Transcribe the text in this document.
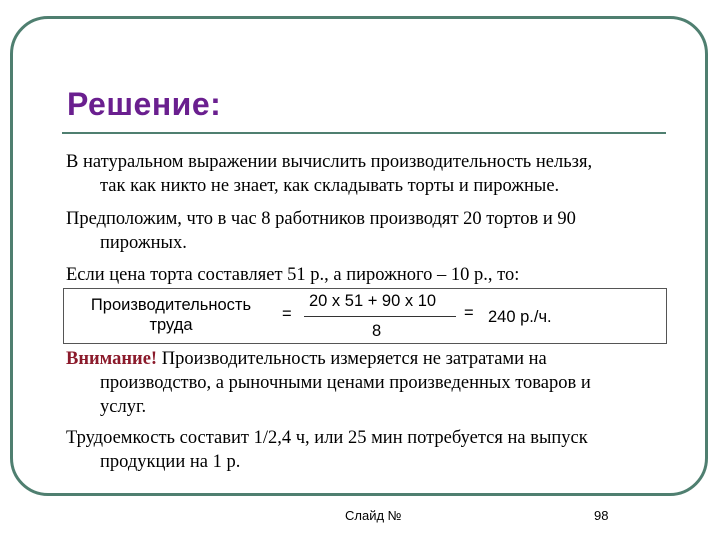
Решение:
В натуральном выражении вычислить производительность нельзя,
так как никто не знает, как складывать торты и пирожные.
Предположим, что в час 8 работников производят 20 тортов и 90
пирожных.
Если цена торта составляет 51 р., а пирожного – 10 р., то:
Производительность
труда
=
20 х 51 + 90 х 10
8
= 240 р./ч.
Внимание! Производительность измеряется не затратами на
производство, а рыночными ценами произведенных товаров и
услуг.
Трудоемкость составит 1/2,4 ч, или 25 мин потребуется на выпуск
продукции на 1 р.
Слайд №	98
